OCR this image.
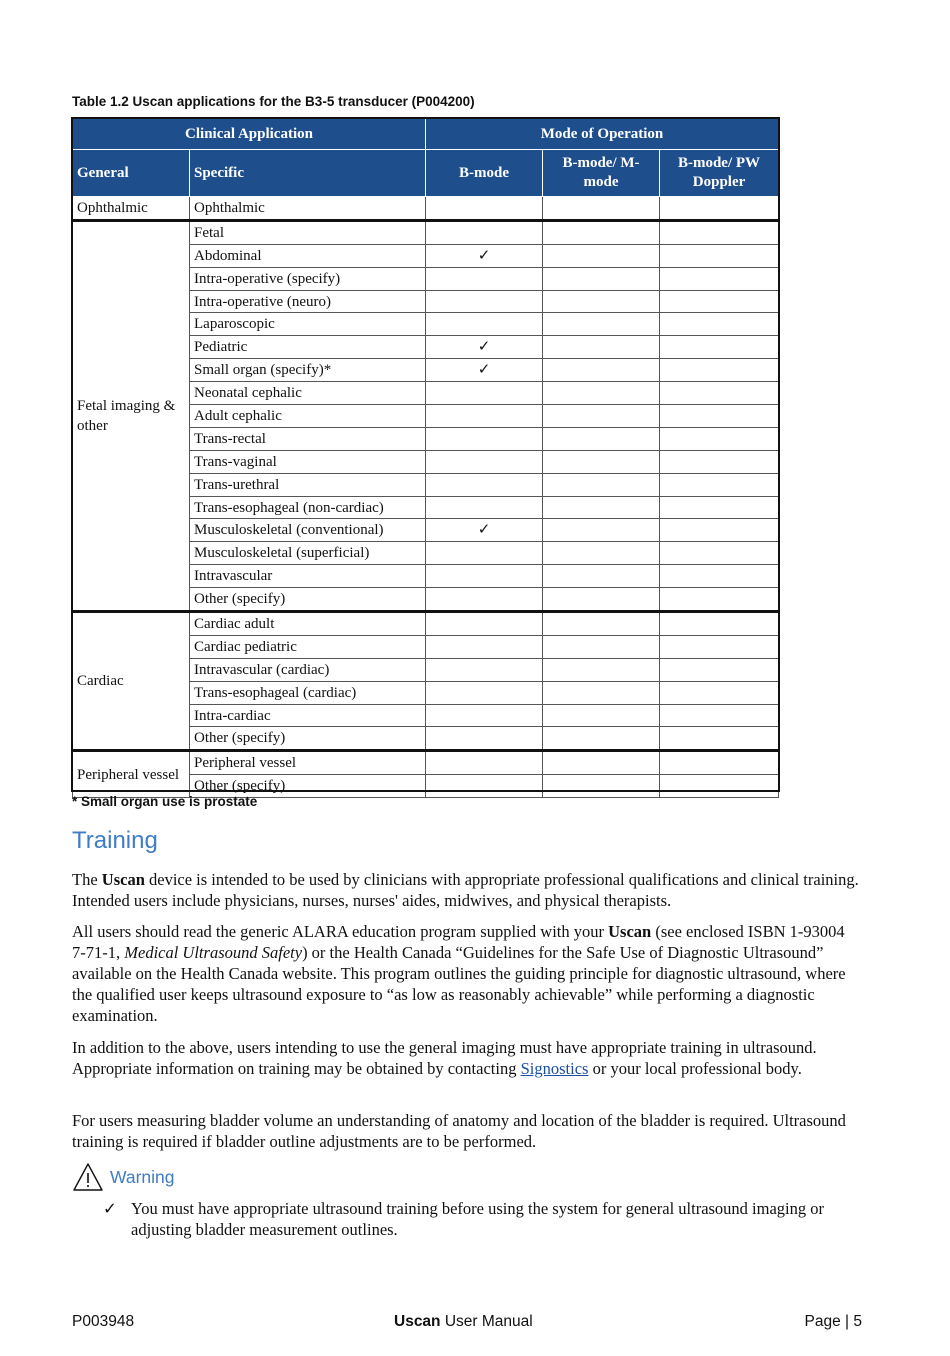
Table 1.2 Uscan applications for the B3-5 transducer (P004200)
Clinical Application		Mode of Operation		
General	Specific	B-mode	B-mode/ M-mode	B-mode/ PW Doppler
Ophthalmic	Ophthalmic			
Fetal imaging & other	Fetal			
	Abdominal	✓		
	Intra-operative (specify)			
	Intra-operative (neuro)			
	Laparoscopic			
	Pediatric	✓		
	Small organ (specify)*	✓		
	Neonatal cephalic			
	Adult cephalic			
	Trans-rectal			
	Trans-vaginal			
	Trans-urethral			
	Trans-esophageal (non-cardiac)			
	Musculoskeletal (conventional)	✓		
	Musculoskeletal (superficial)			
	Intravascular			
	Other (specify)			
Cardiac	Cardiac adult			
	Cardiac pediatric			
	Intravascular (cardiac)			
	Trans-esophageal (cardiac)			
	Intra-cardiac			
	Other (specify)			
Peripheral vessel	Peripheral vessel			
	Other (specify)			
* Small organ use is prostate
Training

The Uscan device is intended to be used by clinicians with appropriate professional qualifications and clinical training. Intended users include physicians, nurses, nurses' aides, midwives, and physical therapists.

All users should read the generic ALARA education program supplied with your Uscan (see enclosed ISBN 1-93004 7-71-1, Medical Ultrasound Safety) or the Health Canada “Guidelines for the Safe Use of Diagnostic Ultrasound” available on the Health Canada website. This program outlines the guiding principle for diagnostic ultrasound, where the qualified user keeps ultrasound exposure to “as low as reasonably achievable” while performing a diagnostic examination.

In addition to the above, users intending to use the general imaging must have appropriate training in ultrasound. Appropriate information on training may be obtained by contacting Signostics or your local professional body.

For users measuring bladder volume an understanding of anatomy and location of the bladder is required. Ultrasound training is required if bladder outline adjustments are to be performed.

Warning
✓ You must have appropriate ultrasound training before using the system for general ultrasound imaging or adjusting bladder measurement outlines.
P003948	Uscan User Manual	Page | 5
